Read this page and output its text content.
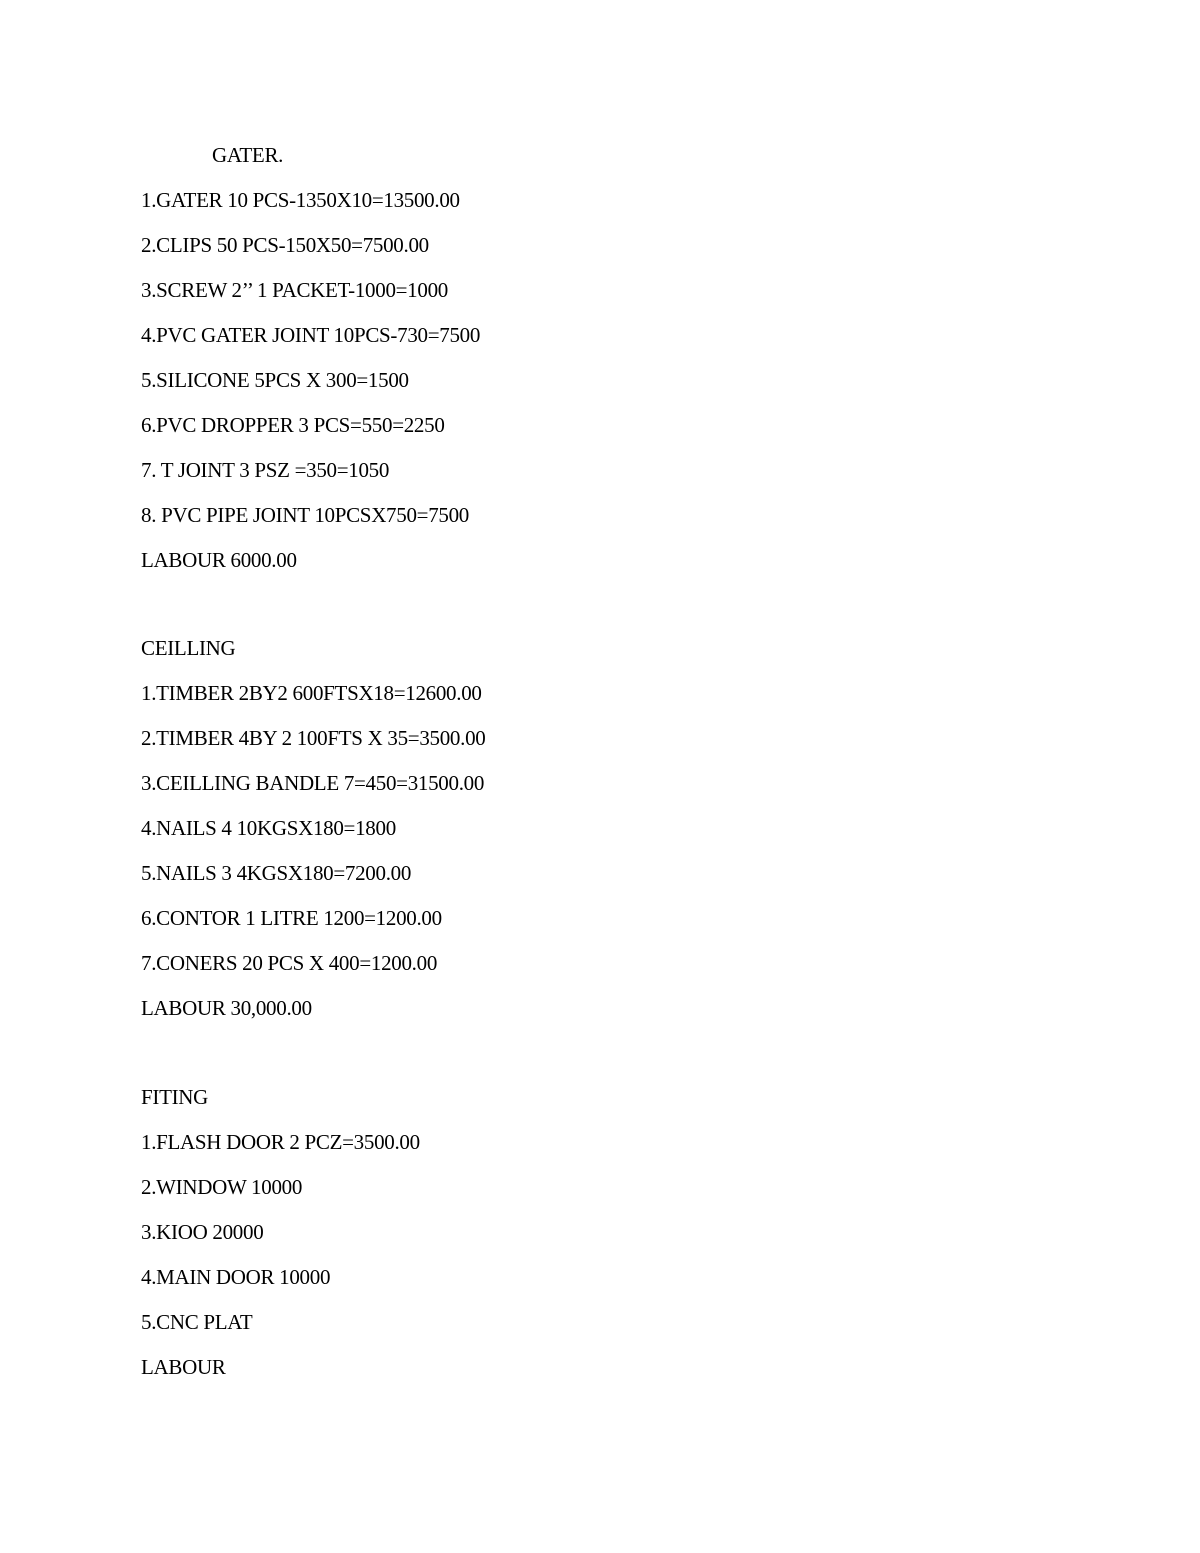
GATER.
1.GATER 10 PCS-1350X10=13500.00
2.CLIPS 50 PCS-150X50=7500.00
3.SCREW 2’’ 1 PACKET-1000=1000
4.PVC GATER JOINT 10PCS-730=7500
5.SILICONE 5PCS X 300=1500
6.PVC DROPPER 3 PCS=550=2250
7. T JOINT 3 PSZ =350=1050
8. PVC PIPE JOINT 10PCSX750=7500
LABOUR 6000.00
CEILLING
1.TIMBER 2BY2 600FTSX18=12600.00
2.TIMBER 4BY 2 100FTS X 35=3500.00
3.CEILLING BANDLE 7=450=31500.00
4.NAILS 4 10KGSX180=1800
5.NAILS 3 4KGSX180=7200.00
6.CONTOR 1 LITRE 1200=1200.00
7.CONERS 20 PCS X 400=1200.00
LABOUR 30,000.00
FITING
1.FLASH DOOR 2 PCZ=3500.00
2.WINDOW 10000
3.KIOO 20000
4.MAIN DOOR 10000
5.CNC PLAT
LABOUR
